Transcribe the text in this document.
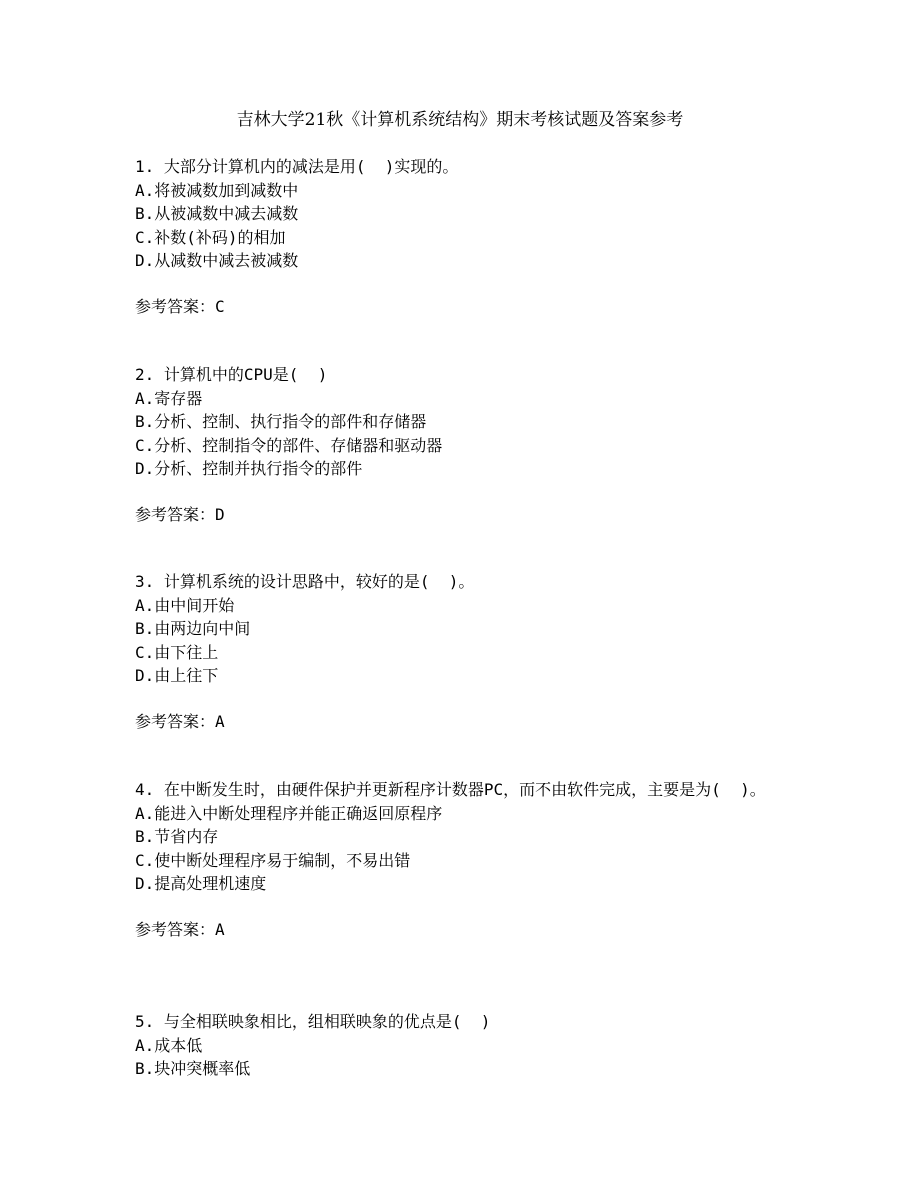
吉林大学21秋《计算机系统结构》期末考核试题及答案参考
1. 大部分计算机内的减法是用(  )实现的。
A.将被减数加到减数中
B.从被减数中减去减数
C.补数(补码)的相加
D.从减数中减去被减数
参考答案：C
2. 计算机中的CPU是(  )
A.寄存器
B.分析、控制、执行指令的部件和存储器
C.分析、控制指令的部件、存储器和驱动器
D.分析、控制并执行指令的部件
参考答案：D
3. 计算机系统的设计思路中，较好的是(  )。
A.由中间开始
B.由两边向中间
C.由下往上
D.由上往下
参考答案：A
4. 在中断发生时，由硬件保护并更新程序计数器PC，而不由软件完成，主要是为(  )。
A.能进入中断处理程序并能正确返回原程序
B.节省内存
C.使中断处理程序易于编制，不易出错
D.提高处理机速度
参考答案：A
5. 与全相联映象相比，组相联映象的优点是(  )
A.成本低
B.块冲突概率低
